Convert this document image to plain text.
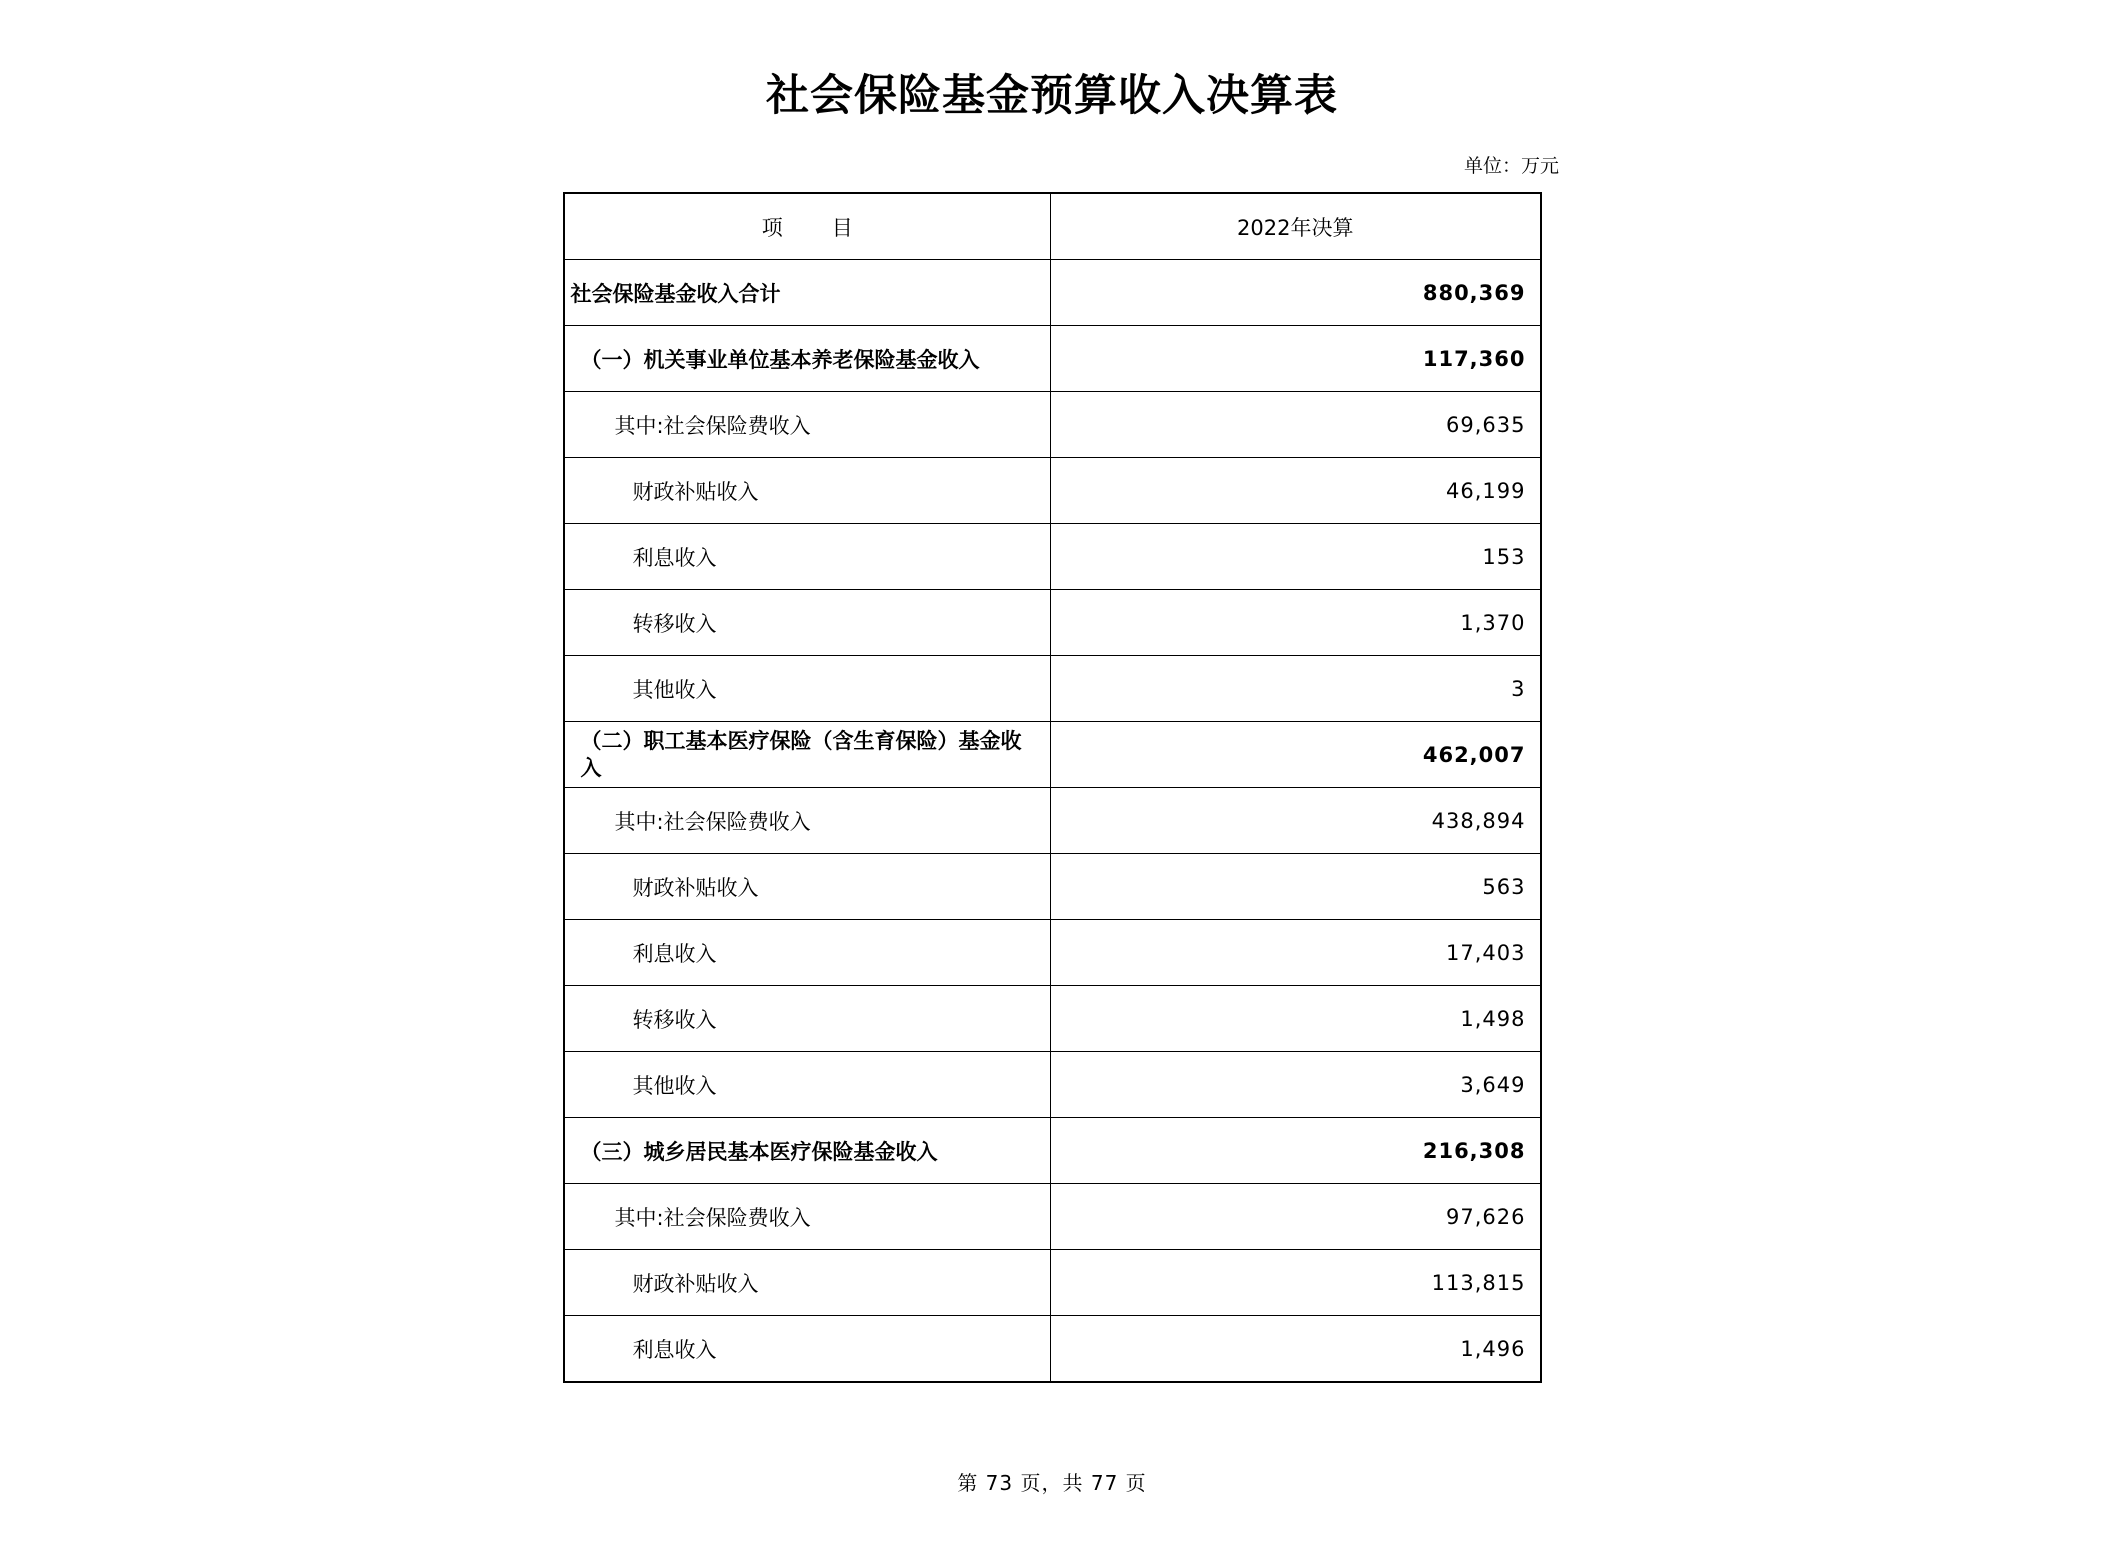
社会保险基金预算收入决算表
单位：万元
项　目	2022年决算
社会保险基金收入合计	880,369
（一）机关事业单位基本养老保险基金收入	117,360
其中:社会保险费收入	69,635
财政补贴收入	46,199
利息收入	153
转移收入	1,370
其他收入	3
（二）职工基本医疗保险（含生育保险）基金收入	462,007
其中:社会保险费收入	438,894
财政补贴收入	563
利息收入	17,403
转移收入	1,498
其他收入	3,649
（三）城乡居民基本医疗保险基金收入	216,308
其中:社会保险费收入	97,626
财政补贴收入	113,815
利息收入	1,496
第 73 页，共 77 页
